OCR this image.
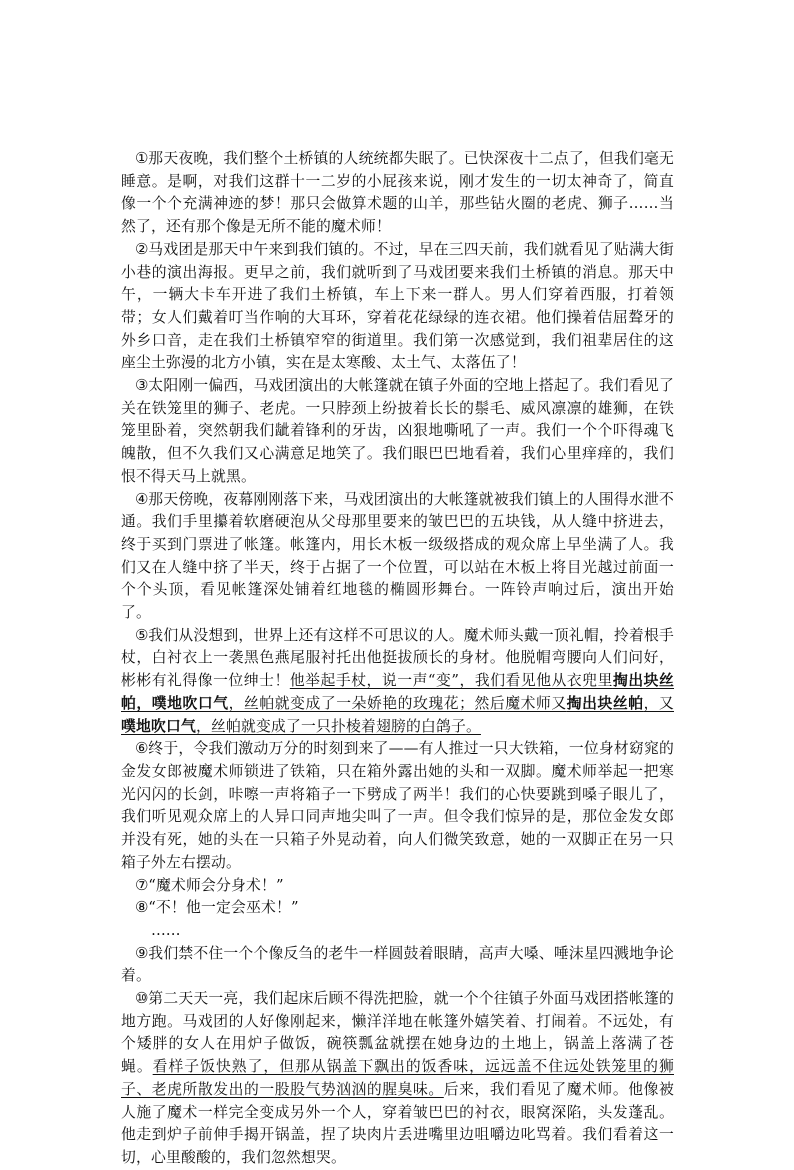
①那天夜晚，我们整个土桥镇的人统统都失眠了。已快深夜十二点了，但我们毫无睡意。是啊，对我们这群十一二岁的小屁孩来说，刚才发生的一切太神奇了，简直像一个个充满神迹的梦！那只会做算术题的山羊，那些钻火圈的老虎、狮子……当然了，还有那个像是无所不能的魔术师！

②马戏团是那天中午来到我们镇的。不过，早在三四天前，我们就看见了贴满大街小巷的演出海报。更早之前，我们就听到了马戏团要来我们土桥镇的消息。那天中午，一辆大卡车开进了我们土桥镇，车上下来一群人。男人们穿着西服，打着领带；女人们戴着叮当作响的大耳环，穿着花花绿绿的连衣裙。他们操着佶屈聱牙的外乡口音，走在我们土桥镇窄窄的街道里。我们第一次感觉到，我们祖辈居住的这座尘土弥漫的北方小镇，实在是太寒酸、太土气、太落伍了！

③太阳刚一偏西，马戏团演出的大帐篷就在镇子外面的空地上搭起了。我们看见了关在铁笼里的狮子、老虎。一只脖颈上纷披着长长的鬃毛、威风凛凛的雄狮，在铁笼里卧着，突然朝我们龇着锋利的牙齿，凶狠地嘶吼了一声。我们一个个吓得魂飞魄散，但不久我们又心满意足地笑了。我们眼巴巴地看着，我们心里痒痒的，我们恨不得天马上就黑。

④那天傍晚，夜幕刚刚落下来，马戏团演出的大帐篷就被我们镇上的人围得水泄不通。我们手里攥着软磨硬泡从父母那里要来的皱巴巴的五块钱，从人缝中挤进去，终于买到门票进了帐篷。帐篷内，用长木板一级级搭成的观众席上早坐满了人。我们又在人缝中挤了半天，终于占据了一个位置，可以站在木板上将目光越过前面一个个头顶，看见帐篷深处铺着红地毯的椭圆形舞台。一阵铃声响过后，演出开始了。

⑤我们从没想到，世界上还有这样不可思议的人。魔术师头戴一顶礼帽，拎着根手杖，白衬衣上一袭黑色燕尾服衬托出他挺拔颀长的身材。他脱帽弯腰向人们问好，彬彬有礼得像一位绅士！他举起手杖，说一声“变”，我们看见他从衣兜里掏出块丝帕，噗地吹口气，丝帕就变成了一朵娇艳的玫瑰花；然后魔术师又掏出块丝帕，又噗地吹口气，丝帕就变成了一只扑棱着翅膀的白鸽子。

⑥终于，令我们激动万分的时刻到来了——有人推过一只大铁箱，一位身材窈窕的金发女郎被魔术师锁进了铁箱，只在箱外露出她的头和一双脚。魔术师举起一把寒光闪闪的长剑，咔嚓一声将箱子一下劈成了两半！我们的心快要跳到嗓子眼儿了，我们听见观众席上的人异口同声地尖叫了一声。但令我们惊异的是，那位金发女郎并没有死，她的头在一只箱子外晃动着，向人们微笑致意，她的一双脚正在另一只箱子外左右摆动。

⑦“魔术师会分身术！”

⑧“不！他一定会巫术！”

……

⑨我们禁不住一个个像反刍的老牛一样圆鼓着眼睛，高声大嗓、唾沫星四溅地争论着。

⑩第二天天一亮，我们起床后顾不得洗把脸，就一个个往镇子外面马戏团搭帐篷的地方跑。马戏团的人好像刚起来，懒洋洋地在帐篷外嬉笑着、打闹着。不远处，有个矮胖的女人在用炉子做饭，碗筷瓢盆就摆在她身边的土地上，锅盖上落满了苍蝇。看样子饭快熟了，但那从锅盖下飘出的饭香味，远远盖不住远处铁笼里的狮子、老虎所散发出的一股股气势汹汹的腥臭味。后来，我们看见了魔术师。他像被人施了魔术一样完全变成另外一个人，穿着皱巴巴的衬衣，眼窝深陷，头发蓬乱。他走到炉子前伸手揭开锅盖，捏了块肉片丢进嘴里边咀嚼边叱骂着。我们看着这一切，心里酸酸的，我们忽然想哭。
